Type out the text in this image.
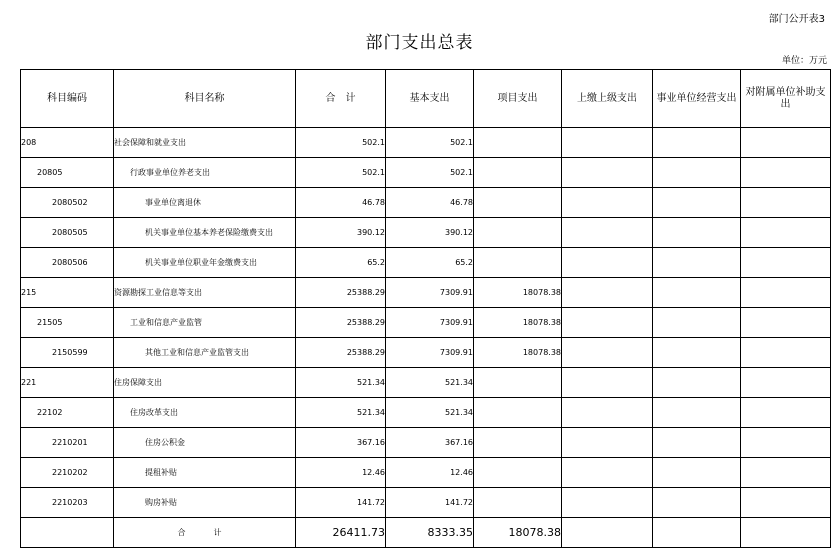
部门公开表3
部门支出总表
单位：万元
科目编码	科目名称	合　计	基本支出	项目支出	上缴上级支出	事业单位经营支出	对附属单位补助支出
208	社会保障和就业支出	502.1	502.1				
20805	行政事业单位养老支出	502.1	502.1				
2080502	事业单位离退休	46.78	46.78				
2080505	机关事业单位基本养老保险缴费支出	390.12	390.12				
2080506	机关事业单位职业年金缴费支出	65.2	65.2				
215	资源勘探工业信息等支出	25388.29	7309.91	18078.38			
21505	工业和信息产业监管	25388.29	7309.91	18078.38			
2150599	其他工业和信息产业监管支出	25388.29	7309.91	18078.38			
221	住房保障支出	521.34	521.34				
22102	住房改革支出	521.34	521.34				
2210201	住房公积金	367.16	367.16				
2210202	提租补贴	12.46	12.46				
2210203	购房补贴	141.72	141.72				
	合　计	26411.73	8333.35	18078.38			
